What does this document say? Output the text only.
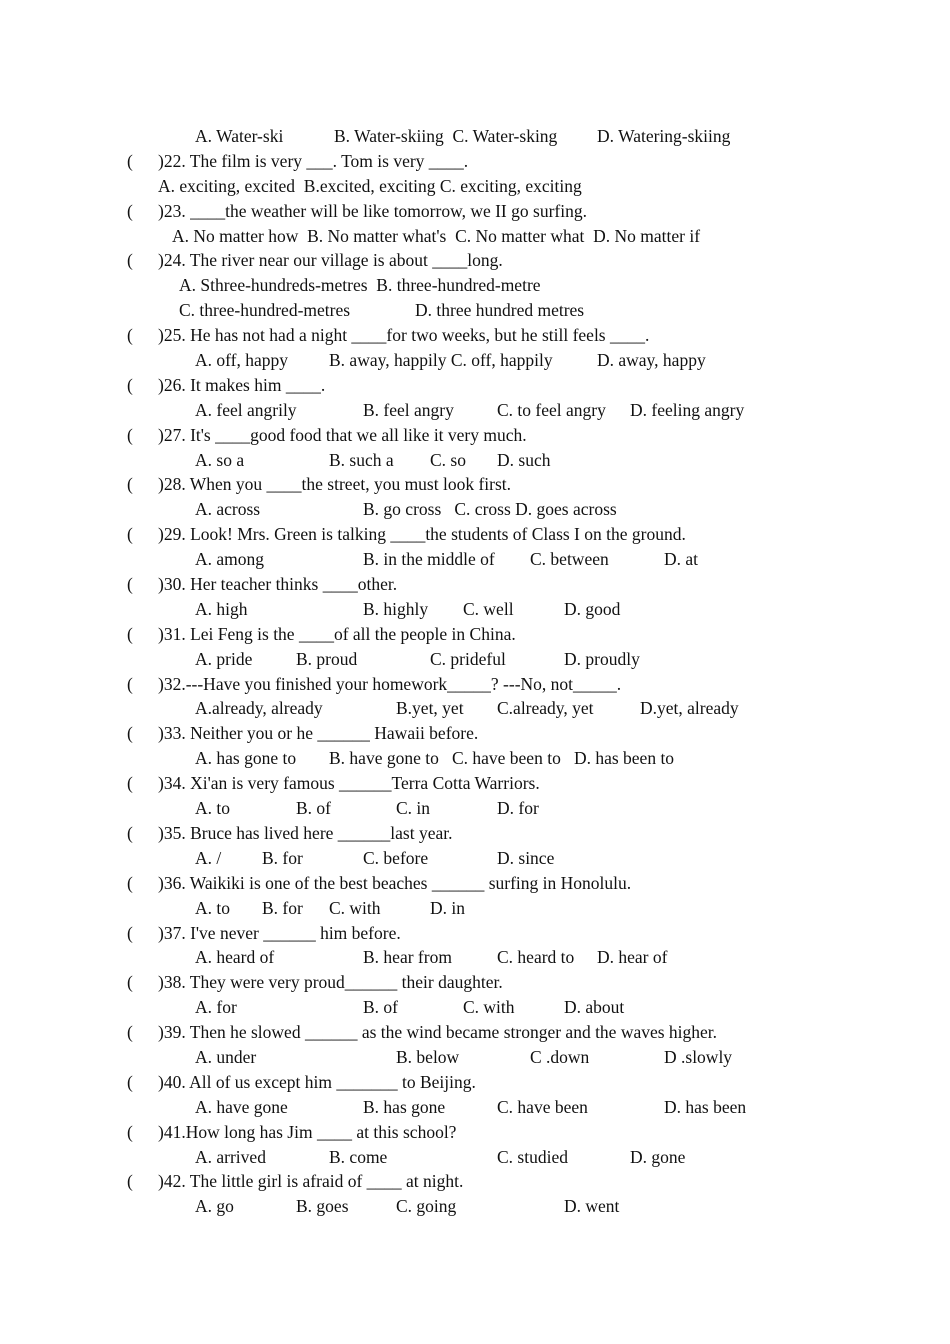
A. Water-ski	B. Water-skiing  C. Water-sking D. Watering-skiing
( )22. The film is very ___. Tom is very ____.
A. exciting, excited  B.excited, exciting C. exciting, exciting
( )23. ____the weather will be like tomorrow, we II go surfing.
A. No matter how  B. No matter what's  C. No matter what  D. No matter if
( )24. The river near our village is about ____long.
A. Sthree-hundreds-metres  B. three-hundred-metre
C. three-hundred-metres	D. three hundred metres
( )25. He has not had a night ____for two weeks, but he still feels ____.
A. off, happy B. away, happily C. off, happily	D. away, happy
( )26. It makes him ____.
A. feel angrily	B. feel angry C. to feel angry D. feeling angry
( )27. It's ____good food that we all like it very much.
A. so a	B. such a C. so D. such
( )28. When you ____the street, you must look first.
A. across	B. go cross   C. cross D. goes across
( )29. Look! Mrs. Green is talking ____the students of Class I on the ground.
A. among	B. in the middle of C. between	D. at
( )30. Her teacher thinks ____other.
A. high	B. highly C. well	D. good
( )31. Lei Feng is the ____of all the people in China.
A. pride B. proud	C. prideful	D. proudly
( )32.---Have you finished your homework_____? ---No, not_____.
A.already, already	B.yet, yet C.already, yet	D.yet, already
( )33. Neither you or he ______ Hawaii before.
A. has gone to B. have gone to   C. have been to   D. has been to
( )34. Xi'an is very famous ______Terra Cotta Warriors.
A. to	B. of	C. in	D. for
( )35. Bruce has lived here ______last year.
A. / B. for	C. before	D. since
( )36. Waikiki is one of the best beaches ______ surfing in Honolulu.
A. to B. for C. with	D. in
( )37. I've never ______ him before.
A. heard of	B. hear from	C. heard to D. hear of
( )38. They were very proud______ their daughter.
A. for	B. of	C. with	D. about
( )39. Then he slowed ______ as the wind became stronger and the waves higher.
A. under	B. below	C .down	D .slowly
( )40. All of us except him _______ to Beijing.
A. have gone	B. has gone	C. have been	D. has been
( )41.How long has Jim ____ at this school?
A. arrived	B. come	C. studied	D. gone
( )42. The little girl is afraid of ____ at night.
A. go	B. goes	C. going	D. went
